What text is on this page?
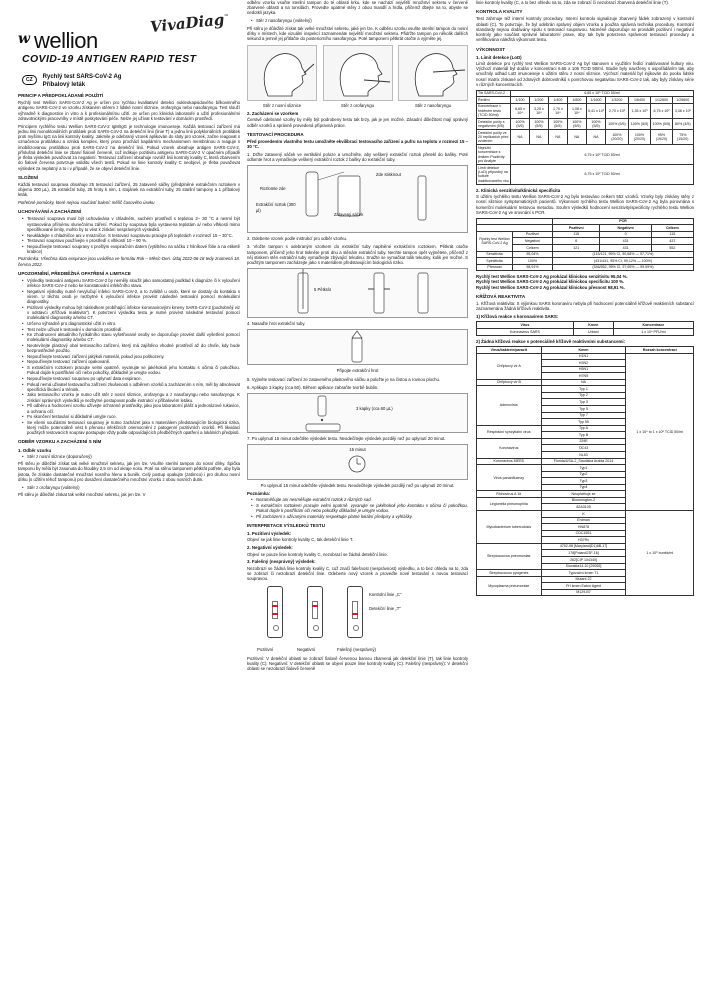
w wellion
VivaDiag™
COVID-19 ANTIGEN RAPID TEST
CZ	Rychlý test SARS-CoV-2 Ag
Příbalový leták
PRINCIP A PŘEDPOKLÁDANÉ POUŽITÍ

Rychlý test Wellion SARS-CoV-2 Ag je určen pro rychlou kvalitativní detekci nukleokapsidového bílkovinného antigenu SARS-CoV-2 ve vzorku získaném stěrem z lidské nosní sliznice, orofaryngu nebo nasofaryngu. Test slouží výhradně k diagnostice in vitro a k profesionálnímu užití. Je určen pro klinická laboratoře a užití profesionálními zdravotnickými pracovníky v místě poskytování péče. Nelze jej užívat k testování v domácím prostředí.

Principem rychlého testu Wellion SARS-CoV-2 IgM/IgG je technologie imunoeseje. Každá testovací zařízení má jednu linii monoklonálních protilátek proti SARS-CoV-2 na detekční linii (linie T) a jednu linii polyklonálních protilátek proti myšímu IgG na linii kontroly kvality. Jakmile je odebraný vzorek aplikován do sloty pro vzorek, začne reagovat s označenou protilátkou a vzniká komplex, který proto prochází kapilárním mechanismem membránou a reaguje s imobilizovanou protilátkou proti SARS-CoV-2 na detekční linii. Pokud vzorek obsahuje antigen SARS-CoV-2, příslušná detekční linie se zbarví fialově červeně, což indikuje pozitivitu antigenu SARS-CoV-2 V opačném případě je třeba výsledek považovat za negativní. Testovací zařízení obsahuje rovněž linii kontroly kvality C, která zbarvením do fialově červena potvrzuje validitu všech testů. Pokud se linie kontroly kvality C neobjeví, je třeba považovat výsledek za neplatný a to i v případě, že se objeví detekční linie.

SLOŽENÍ

Každá testovací souprava obsahuje 25 testovací zařízení, 25 zataveně sáčky (předplněné extrakčním roztokem v objemu 300 µL), 25 extrakční tuby, 25 hroty k nim, 1 stojánek na extrakční tuby, 25 starilní tampony a 1 příbalový leták.

Potřebné pomůcky, které nejsou součástí balení: měřič časového úseku

UCHOVÁVÁNÍ A ZACHÁZENÍ
• Testovací souprava musí být uchovávána v chladném, suchém prostředí s teplotou 2– 30 °C a nesmí být vystavována přímému slunečnímu záření. Pokud by souprava byla vystavena teplotám a/ nebo vlhkosti mimo specifikované limity, mohlo by to vést k získání nesprávných výsledků.
• Neukládejte v chladničce ani v mrazničce. S testovací soupravou pracujte při teplotách v rozmezí 15 – 30°C.
• Testovací soupravu používejte v prostředí s vlhkostí 10 – 90 %.
• Nepoužívejte testovací soupravy s prošlým exspiračním datem (vytištěno na sáčku z hliníkové fólie a na etiketě krabice)

Poznámka: Všechna data exspirace jsou uváděna ve formátu Rok – Měsíc-Den. Údaj 2022-06-18 tedy znamená 18. června 2022.

UPOZORNĚNÍ, PŘEDBĚŽNÁ OPATŘENÍ A LIMITACE
• Výsledky testování antigenu SARS-CoV-2 by neměly sloužit jako samostatný podklad k diagnóze či k vyloučení infekce SARS-CoV-2 nebo ke konstatování infekčního stavu.
• Negativní výsledky nutně nevylučují infekci SARS-CoV-2, a to zvláště u osob, které se dostaly do kontaktu s virem. U těchto osob je nezbytné k vyloučení infekce provést následné testování pomocí molekulární diagnostiky.
• Pozitivní výsledky mohou být následkem probíhající infekce koronavirovými kmeny SARS-CoV-2 (podrobněji viz v odstavci „Křížová reaktivita"). K potvrzení výsledku testu je nutné provést následné testování pomocí molekulární diagnostiky a/nebo CT.
• Určeno výhradně pro diagnostické užití in vitro.
• Test nelze užívat k testování v domácím prostředí.
• Ke zhodnocení aktuálního fyzikálního stavu vyšetřované osoby se doporučuje provést další vyšetření pomocí molekulární diagnostiky a/nebo CT.
• Neotevírejte plastový obal testovacího zařízení, který má zajištěno vhodné prostředí až do chvíle, kdy bude bezprostředně použito.
• Nepoužívejte testovací zařízení jakýkoli materiál, pokud jsou poškozeny.
• Nepoužívejte testovací zařízení opakovaně.
• S extrakčním roztokem pracujte velmi opatrně, vyvarujte se jakéhokoli jeho kontaktu s očima či pokožkou. Pokud dojde k postříkání očí nebo pokožky, důkladně je umyjte vodou.
• Nepoužívejte testovací soupravu po uplynutí data exspirace.
• Pokud nemá uživatel testovacího zařízení zkušenosti s odběrem vzorků a zacházením s ním, měl by absolvovat specifická školení a trénink.
• Jako testovacího vzorku je nutno užít stěr z nosní sliznice, orofaryngu a z nasofaryngu nebo nasofaryngu. K získání správných výsledků je nezbytné postupovat podle instrukcí v příbalovém letáku.
• Při odběru a hodnocení vzorku užívejte ochranné prostředky, jako jsou laboratorní plášť a jednorázové rukavice, a ochranu očí.
• Po skončení testování si důkladně umyjte ruce.
• Se všemi součástmi testovací soupravy je nutno zacházet jako s materiálem představujícím biologická rizika, který může potenciálně vést k přenosu infekčních onemocnění z patogenní pozitivních vzorků. Při likvidaci použitých testovacích souprav postupujte vždy podle odpovídajících předběžných opatření a lokálních předpisů.
ODBĚR VZORKU A ZACHÁZENÍ S NÍM
1. Odběr vzorku
• Stěr z nosní sliznice (doporučený)

Při stěru je důležité získat tak velké množství sekretu, jak jen lze. Vsuňte sterilní tampon do nosní dírky. Špička tamponu by měla být zasunuta do hloubky 2,5 cm od okraje nosu. Poté na stěnu tamponem pětkrát potřete, aby byla jistota, že získáte dostatečné množství nosního hlenu a buněk. Celý postup opakujte (zatímco) i pro druhou nosní dírku (s užitím téhož tamponu) pro dosažení dostatečného množství vzorku z obou nosních dutin.

• Stěr z orofaryngu (volitelný)

Při stěru je důležité získat tak velké množství sekretu, jak jen lze. V

odběru vzorku vsuňte sterilní tampon do té oblasti krku, kde se nachází největší množství sekretu v červeně zbarvené oblasti a na tonsilách. Provedte opatrné stěry z obou mandlí a hrdla, přičemž dbejte na to, abyste se nedotkli jazyka.

• Stěr z nasofaryngu (volitelný)

Při stěru je důležité získat tak velké množství sekretu, jaké jen lze. K odběru vzorku vsuňte sterilní tampon do nosní dírky v místech, kde vizuální inspekcí zaznamenáte největší množství sekretu. Přidržte tampon po několik dalších sekund a jemně jej přitlačte do posteriorního nasofaryngu. Poté tamponem pětkrát otočte a vyjměte jej.

Stěr z nosní sliznice	Stěr z orofaryngu	Stěr z nasofaryngu
2. Zacházení se vzorkem

Čerstvě odebrané vzorky by měly být podrobeny testu tak brzy, jak je jen možné. Zásadní důležitost mají správný odběr vzorků a správně provedená přípravná práce.

TESTOVACÍ PROCEDURA

Před provedením vlastního testu umožněte ekvilibraci testovacího zařízení a pufru na teplotu v rozmezí 15 – 30 °C.

1. Držte zatavený sáček ve vertikální poloze a umožněte, aby veškerý extrakční roztok přetekl do baňky. Poté odlomte hrot a vymačkejte veškerý extrakční roztok z baňky do extrakční tuby.

Zde stisknout
Rozlomte zde
Extrakční roztok (300 µl)
Zatavený sáček

2. Odeberte vzorek podle instrukcí pro odběr vzorku.

3. Vložte tampon s odebraným vzorkem do extrakční tuby naplněné extrakčním roztokem. Pětkrát otočte tamponem, přičemž jeho hrot tiskněte proti dnu a stěnám extrakční tuby. Nechte tampon opět vyjmětete, přičemž z něj stiskem stěn extrakční tuby vymačkejte zbývající tekutinu. Snažte se vymačkat tolik tekutiny, kolik jen možné. S použitým tamponem zacházejte jako s materiálem představujícím biologická riziko.

5 Pětkrát

4. Nasaďte hrot extrakční tuby.

Připojte extrakční hrot

5. Vyjměte testovací zařízení ze zataveného plastového sáčku a položte je na čistou a rovnou plochu.

6. Aplikujte 3 kapky (cca 60). Během aplikace zabraňte tvorbě bublin.

3 kapky (cca 60 µL)

7. Po uplynutí 15 minut odečtěte výsledek testu. Neodečítejte výsledek později než po uplynutí 20 minut.

15 minut

Po uplynutí 15 minut odečtěte výsledek testu. Neodečítejte výsledek později než po uplynutí 20 minut.

Poznámka:
• Nezaměňujte ani nesměšujte extrakční roztok z různých sad.
• S extrakčním roztokem pracujte velmi opatrně. vyvarujte se jakéhokoli jeho kontaktu s očima či pokožkou. Pokud dojde k postříkání očí nebo pokožky důkladně je umyjte vodou.
• Při zacházení s užívanými materiály respektujte platné lokální předpisy a vyhlášky.
INTERPRETACE VÝSLEDKŮ TESTU
1. Pozitivní výsledek:

Objeví se jak linie kontroly kvality C, tak detekční linie T.

2. Negativní výsledek:

Objeví se pouze linie kontroly kvality C, nezobrazí se žádná detekční linie.

3. Falešný (nesprávný) výsledek:

Nezobrazí se žádná linie kontroly kvality C, což značí falešnost (nesprávnost) výsledku, a to bez ohledu na to, zda se zobrazí či nezobrazí detekční linie. Odeberte nový vzorek a proveďte nové testování s novou testovací soupravou.

Kontrolní linie „C"
Detekční linie „T"
Pozitivní	Negativní	Falešný (nesprávný)

Pozitivní: V detekční oblasti se zobrazí fialově červenou barvou zbarvená jak detekční linie (T), tak linie kontroly kvality (C). Negativní: V detekční oblasti se objeví pouze linie kontroly kvality (C). Falešný (nesprávný): V detekční oblasti se nezobrazí fialově červeně

linie kontroly kvality (C, a to bez ohledu na to, zda se zobrazí či nezobrazí zbarvená detekční linie (T).

KONTROLA KVALITY

Test zahrnuje též interní kontroly procedury. Interní kontrolu signalizuje zbarvený fádek zobrazený v kontrolní oblasti (C). To potvrzuje, že byl odebrán správný objem vzorku a použita správná technika procedury. Kontrolní standardy nejsou dodávány spolu s testovací soupravou. Nicméně doporučuje se provádět pozitivní i negativní kontroly jako součást správné laboratorní praxe, aby tak byla potvrzena správnost testovací procedury a verifikována náležitá výkonnost testu.

VÝKONNOST
1. Limit detekce (LoD)

Limit detekce pro rychlý test Wellion SARS-CoV-2 Ag byl stanoven s využitím ředící inaktivované kultury viru. Výchozí materiál byl dodán v koncentraci 6.65 x 106 TCID 50/ml. Studie byly navrženy s uspořádáním tak, aby umožnily odhad LoD imunoeseje s užitím stěru z nosní sliznice. Výchozí materiál byl injikován do pooku lidské nosní matrix získané od zdravých dobrovolníků s povrchovou negativitou SARS-CoV-2 tak, aby byly získány série v různých koncentracích.

Titr SARS-CoV-2	6,65 x 10⁶ TCID 50/ml								
Ředění	1/100	1/200	1/400	1/800	1/1600	1/3200	1/6400	1/12800	1/25600
Koncentrace v ředěném testu (TCID 50/ml)	6,65 x 10⁴	3,25 x 10⁴	1,70 x 10⁴	1,08 x 10⁴	5,41 x 10³	2,70 x 10³	1,35 x 10³	6,75 x 10²	3,38 x 10²
Detekční počty s negativním (5/5)	100% (5/5)	100% (5/5)	100% (5/5)	100% (5/5)	100% (5/5)	100% (5/5)	100% (5/5)	100% (5/5)	80% (4/5)
Detekční počty ve 20 replikacích před zvolením	NA	NA	NA	NA	NA	100% (20/20)	100% (20/20)	95% (19/20)	75% (15/20)
Nejnižší koncentrace s limitem Pozitivity pro Analyte	6,75 x 10² TCID 50/ml								
Limit detekce (LoD) přípustný na kultuře inaktivovaného viru	6,75 x 10² TCID 50/ml								
2. Klinická senzitivita/klinická specificita

S užitím rychlého testu Wellion SARS-CoV-2 Ag bylo testováno celkem 552 vzorků. Vzorky byly získány stěry z nosní sliznice symptomatických pacientů. Výkonnost rychlého testu Wellion SARS-CoV-2 Ag byla porovnána s komerční molekulární testovou metodou. Souhrn výsledků hodnocení senzitivity/specificity rychlého testu Wellion SARS-CoV-2 Ag ve srovnání s PCR.

		PCR		
		Pozitivní	Negativní	Celkem
Rychlý test Wellion SARS-CoV-2 Ag	Pozitivní	115	0	115
	Negativní	6	431	437
	Celkem	121	431	552
Senzitivita	95,04%	(115/121, 95% CI, 90,68% — 97,71%)		
Specificita	100%	(431/431, 95% CI, 99,12% — 100%)		
Přesnost	98,91%	(546/552, 95% CI, 97,65% — 99,59%)		

Rychlý test Wellion SARS-CoV-2 Ag prokázal klinickou senzitivitu 95,04 %.

Rychlý test Wellion SARS-CoV-2 Ag prokázal klinickou specificitu 100 %.

Rychlý test Wellion SARS-CoV-2 Ag prokázal klinickou přesnost 98,91 %.

KŘÍŽOVÁ REAKTIVITA

1. Křížová reaktivita: S výjimkou SARS koronaviru nebyla při hodnocení potenciálně křížově reaktivních substancí zaznamenána žádná křížová reaktivita.

1) Křížová reakce s koronavirem SARS:
Virus	Kmen	Koncentrace
Koronavirus SARS	Urbani	1 x 10⁴ PFU/ml
2) Žádná křížová reakce s potenciálně křížově reaktivními substancemi:
Virus/bakterie/parazit	Kmen	Rozsah koncentrací
Chřipkový vir A	H1N1	1 x 10⁴ to 1 x 10⁶ TCID 50/ml
	H3N2	
	H5N1	
	H7N9	
Chřipkový vir B	NA	
Adenovirus	Typ 1	
	Typ 2	
	Typ 3	
	Typ 5	
	Typ 7	
	Typ 55	
Respirační syncytiální virus	Typ A	
	Typ B	
Koronavirus	229E	
	OC43	
	NL63	
Koronavirus MERS	Florida/USA-2_Saudiská Arabia 2014	
Virus parainfluenzy	Typ1	
	Typ2	
	Typ3	
	Typ4	
Rhinovirus A 16	Neuplatňuje se	
Legionella pneumophila	Bloomington-2	
	82A3105	
Mycobacterium tuberculosis	K	1 x 10⁶ buněk/ml
	Erdman	
	HN878	
	CDC1551	
	H37Rv	
Streptococcus pneumoniae	4752-98 [Maryland(D1)6B-17]	
	178[Poland23F-16]	
	262[CIP 104340]	
	Slovakia14-10 [29055]	
Streptococcus pyogenes	Typizační kmen T1	
Mycoplasma pneumoniae	Mutant 22	
	FH kmen Eaton Agent	
	M129-B7	
